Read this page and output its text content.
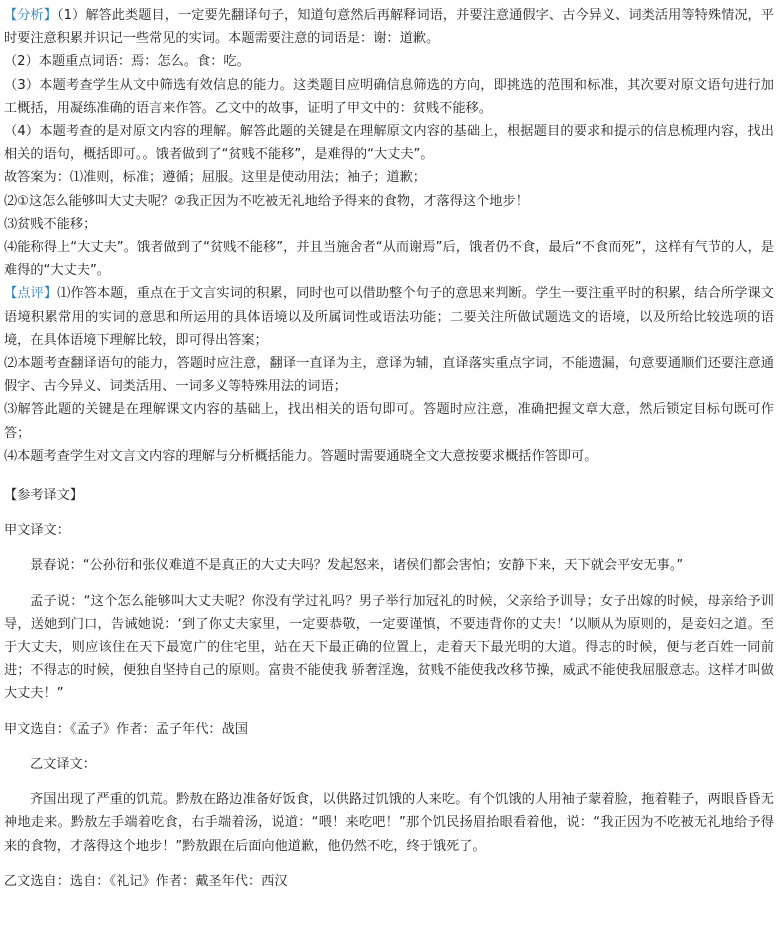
【分析】（1）解答此类题目，一定要先翻译句子，知道句意然后再解释词语，并要注意通假字、古今异义、词类活用等特殊情况，平时要注意积累并识记一些常见的实词。本题需要注意的词语是：谢：道歉。

（2）本题重点词语：焉：怎么。食：吃。

（3）本题考查学生从文中筛选有效信息的能力。这类题目应明确信息筛选的方向，即挑选的范围和标准，其次要对原文语句进行加工概括，用凝练准确的语言来作答。乙文中的故事，证明了甲文中的：贫贱不能移。

（4）本题考查的是对原文内容的理解。解答此题的关键是在理解原文内容的基础上，根据题目的要求和提示的信息梳理内容，找出相关的语句，概括即可。。饿者做到了“贫贱不能移”，是难得的“大丈夫”。

故答案为：⑴准则，标准；遵循；屈服。这里是使动用法；袖子；道歉；

⑵①这怎么能够叫大丈夫呢？②我正因为不吃被无礼地给予得来的食物，才落得这个地步！

⑶贫贱不能移；

⑷能称得上“大丈夫”。饿者做到了“贫贱不能移”，并且当施舍者“从而谢焉”后，饿者仍不食，最后“不食而死”，这样有气节的人，是难得的“大丈夫”。

【点评】⑴作答本题，重点在于文言实词的积累，同时也可以借助整个句子的意思来判断。学生一要注重平时的积累，结合所学课文语境积累常用的实词的意思和所运用的具体语境以及所属词性或语法功能；二要关注所做试题选文的语境，以及所给比较选项的语境，在具体语境下理解比较，即可得出答案；

⑵本题考查翻译语句的能力，答题时应注意，翻译一直译为主，意译为辅，直译落实重点字词，不能遗漏，句意要通顺们还要注意通假字、古今异义、词类活用、一词多义等特殊用法的词语；

⑶解答此题的关键是在理解课文内容的基础上，找出相关的语句即可。答题时应注意，准确把握文章大意，然后锁定目标句既可作答；

⑷本题考查学生对文言文内容的理解与分析概括能力。答题时需要通晓全文大意按要求概括作答即可。

【参考译文】

甲文译文：

景春说：“公孙衍和张仪难道不是真正的大丈夫吗？发起怒来，诸侯们都会害怕；安静下来，天下就会平安无事。”

孟子说：“这个怎么能够叫大丈夫呢？你没有学过礼吗？男子举行加冠礼的时候，父亲给予训导；女子出嫁的时候，母亲给予训导，送她到门口，告诫她说：‘到了你丈夫家里，一定要恭敬，一定要谨慎，不要违背你的丈夫！’以顺从为原则的，是妾妇之道。至于大丈夫，则应该住在天下最宽广的住宅里，站在天下最正确的位置上，走着天下最光明的大道。得志的时候，便与老百姓一同前进；不得志的时候，便独自坚持自己的原则。富贵不能使我 骄奢淫逸，贫贱不能使我改移节操，威武不能使我屈服意志。这样才叫做大丈夫！”

甲文选自：《孟子》作者：孟子年代：战国

乙文译文：

齐国出现了严重的饥荒。黔敖在路边准备好饭食，以供路过饥饿的人来吃。有个饥饿的人用袖子蒙着脸，拖着鞋子，两眼昏昏无神地走来。黔敖左手端着吃食，右手端着汤，说道：“喂！来吃吧！”那个饥民扬眉抬眼看着他，说：“我正因为不吃被无礼地给予得来的食物，才落得这个地步！”黔敖跟在后面向他道歉，他仍然不吃，终于饿死了。

乙文选自：选自：《礼记》作者：戴圣年代：西汉
